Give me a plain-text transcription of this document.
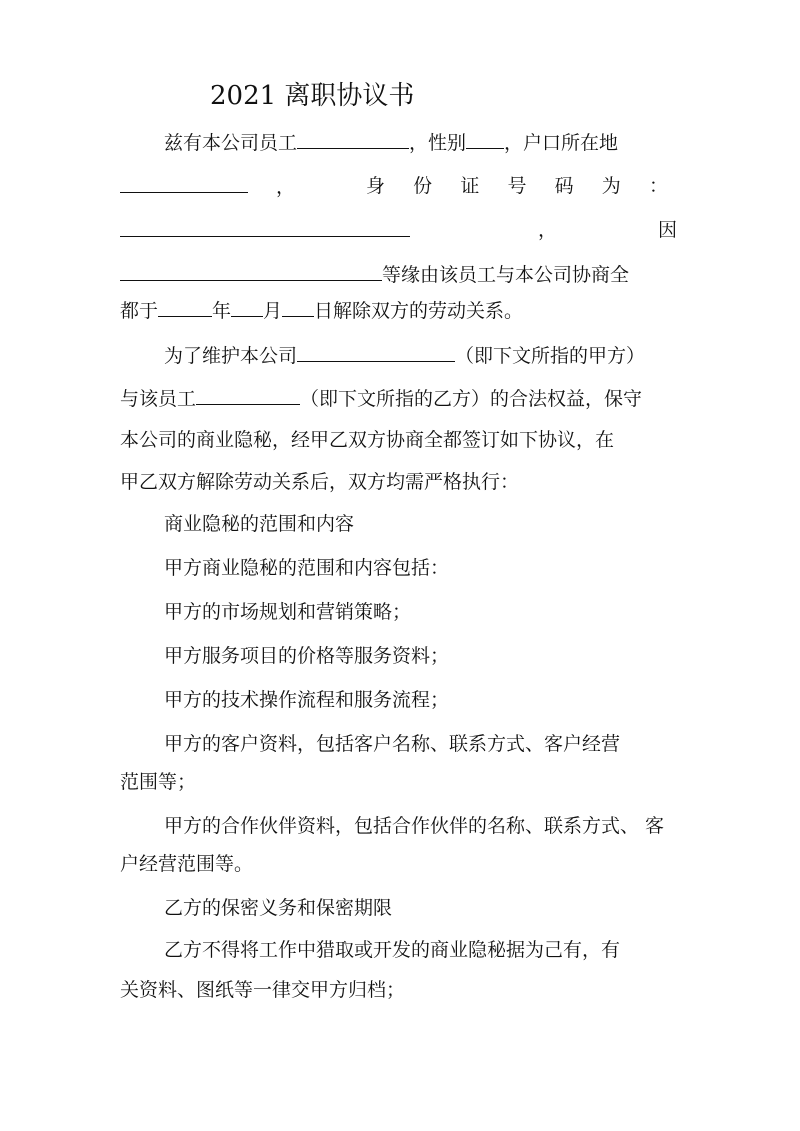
2021 离职协议书
兹有本公司员工	，性别 ，户口所在地
，	身 份 证 号 码 为 ：
，	因
等缘由该员工与本公司协商全
都于	年 月 日解除双方的劳动关系。
为了维护本公司	（即下文所指的甲方）
与该员工	（即下文所指的乙方）的合法权益，保守
本公司的商业隐秘，经甲乙双方协商全都签订如下协议，在
甲乙双方解除劳动关系后，双方均需严格执行：
商业隐秘的范围和内容
甲方商业隐秘的范围和内容包括：
甲方的市场规划和营销策略；
甲方服务项目的价格等服务资料；
甲方的技术操作流程和服务流程；
甲方的客户资料，包括客户名称、联系方式、客户经营
范围等；
甲方的合作伙伴资料，包括合作伙伴的名称、联系方式、 客
户经营范围等。
乙方的保密义务和保密期限
乙方不得将工作中猎取或开发的商业隐秘据为己有，有
关资料、图纸等一律交甲方归档；
